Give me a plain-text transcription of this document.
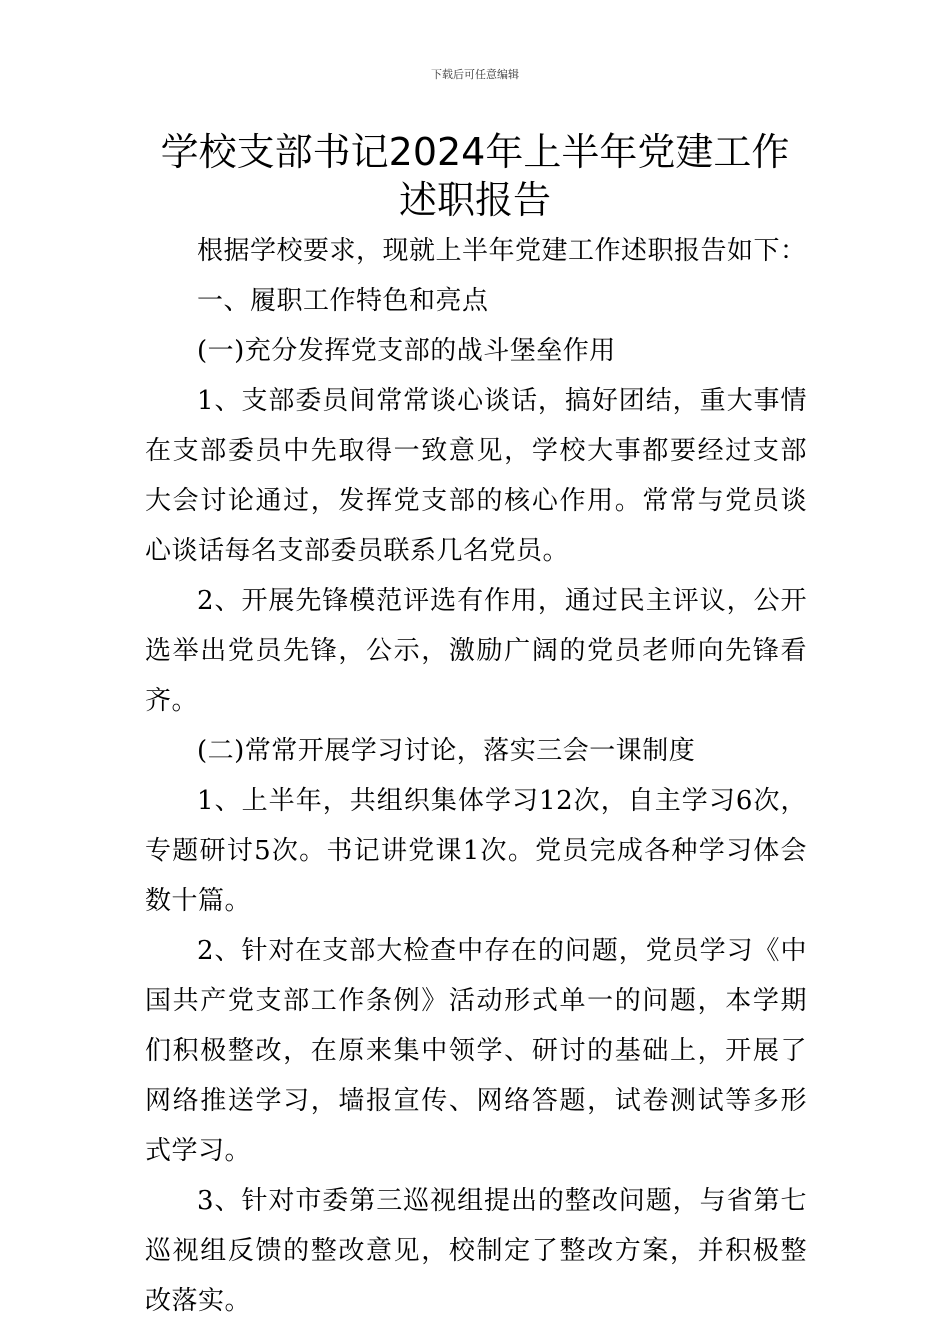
下载后可任意编辑
学校支部书记2024年上半年党建工作述职报告

根据学校要求，现就上半年党建工作述职报告如下：

一、履职工作特色和亮点

(一)充分发挥党支部的战斗堡垒作用

1、支部委员间常常谈心谈话，搞好团结，重大事情在支部委员中先取得一致意见，学校大事都要经过支部大会讨论通过，发挥党支部的核心作用。常常与党员谈心谈话每名支部委员联系几名党员。

2、开展先锋模范评选有作用，通过民主评议，公开选举出党员先锋，公示，激励广阔的党员老师向先锋看齐。

(二)常常开展学习讨论，落实三会一课制度

1、上半年，共组织集体学习12次，自主学习6次，专题研讨5次。书记讲党课1次。党员完成各种学习体会数十篇。

2、针对在支部大检查中存在的问题，党员学习《中国共产党支部工作条例》活动形式单一的问题，本学期们积极整改，在原来集中领学、研讨的基础上，开展了网络推送学习，墙报宣传、网络答题，试卷测试等多形式学习。

3、针对市委第三巡视组提出的整改问题，与省第七巡视组反馈的整改意见，校制定了整改方案，并积极整改落实。
